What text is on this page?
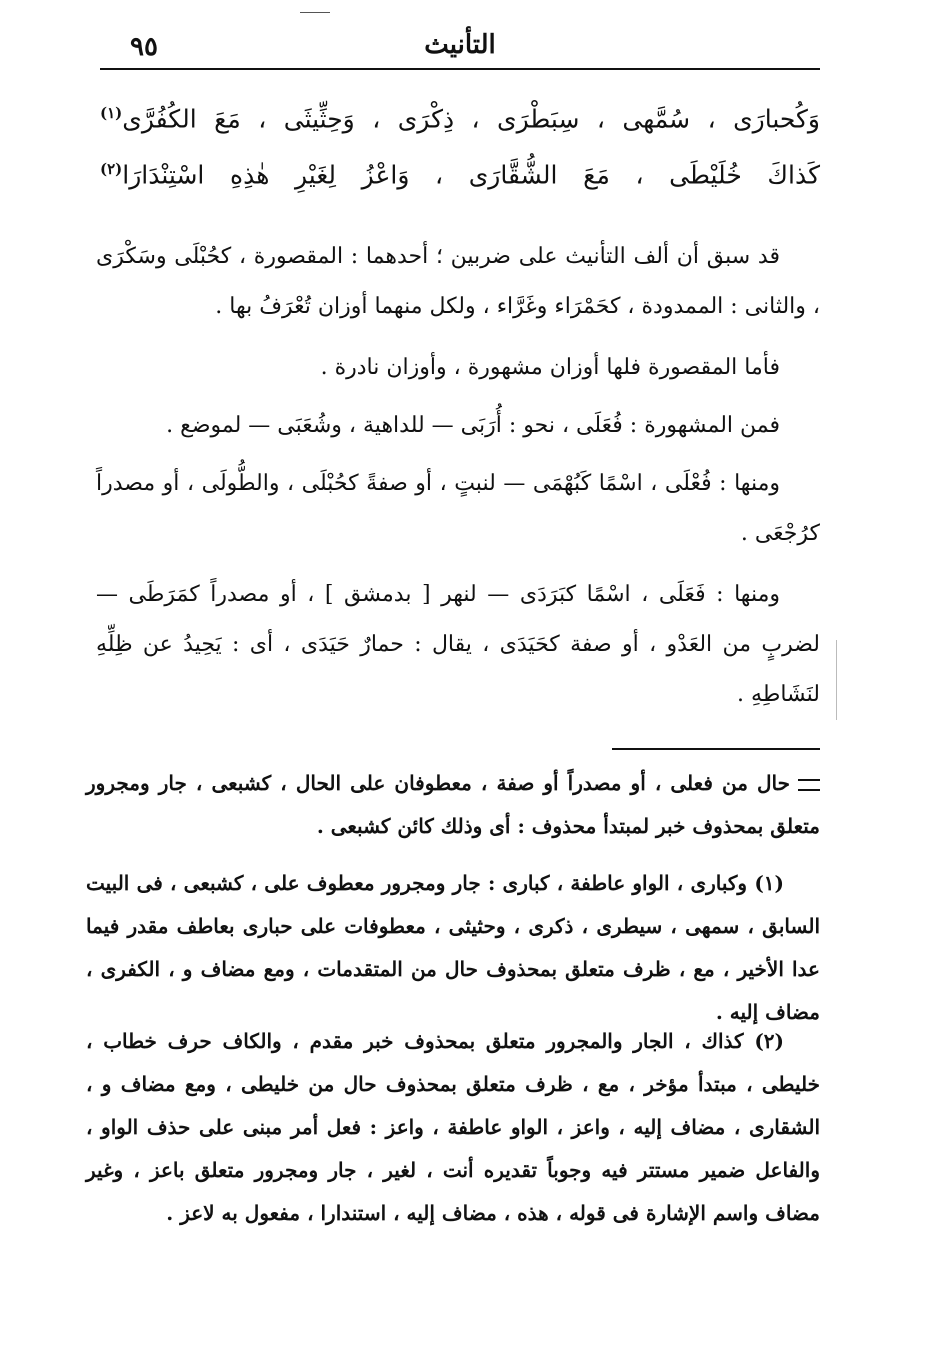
التأنيث
٩٥
وَكُحبارَى ، سُمَّهى ، سِبَطْرَى ، ذِكْرَى ، وَحِثِّيثَى ، مَعَ الكُفُرَّى$^{(١)}$
كَذاكَ خُلَيْطَى ، مَعَ الشُّقَّارَى ، وَاعْزُ لِغَيْرِ هٰذِهِ اسْتِنْدَارَا$^{(٢)}$

قد سبق أن ألف التأنيث على ضربين ؛ أحدهما : المقصورة ، كحُبْلَى وسَكْرَى ، والثانى : الممدودة ، كحَمْرَاء وغَرَّاء ، ولكل منهما أوزان تُعْرَفُ بها .

فأما المقصورة فلها أوزان مشهورة ، وأوزان نادرة .

فمن المشهورة : فُعَلَى ، نحو : أُرَبَى — للداهية ، وشُعَبَى — لموضع .

ومنها : فُعْلَى ، اسْمًا كَبُهْمَى — لنبتٍ ، أو صفةً كحُبْلَى ، والطُّولَى ، أو مصدراً كرُجْعَى .

ومنها : فَعَلَى ، اسْمًا كبَرَدَى — لنهر [ بدمشق ] ، أو مصدراً كمَرَطَى — لضربٍ من العَدْو ، أو صفة كحَيَدَى ، يقال : حمارٌ حَيَدَى ، أى : يَحِيدُ عن ظِلِّهِ لنَشَاطِهِ .

حال من فعلى ، أو مصدراً أو صفة ، معطوفان على الحال ، كشبعى ، جار ومجرور متعلق بمحذوف خبر لمبتدأ محذوف : أى وذلك كائن كشبعى .

(١) وكبارى ، الواو عاطفة ، كبارى : جار ومجرور معطوف على ، كشبعى ، فى البيت السابق ، سمهى ، سيطرى ، ذكرى ، وحثيثى ، معطوفات على حبارى بعاطف مقدر فيما عدا الأخير ، مع ، ظرف متعلق بمحذوف حال من المتقدمات ، ومع مضاف و ، الكفرى ، مضاف إليه .

(٢) كذاك ، الجار والمجرور متعلق بمحذوف خبر مقدم ، والكاف حرف خطاب ، خليطى ، مبتدأ مؤخر ، مع ، ظرف متعلق بمحذوف حال من خليطى ، ومع مضاف و ، الشقارى ، مضاف إليه ، واعز ، الواو عاطفة ، واعز : فعل أمر مبنى على حذف الواو ، والفاعل ضمير مستتر فيه وجوباً تقديره أنت ، لغير ، جار ومجرور متعلق باعز ، وغير مضاف واسم الإشارة فى قوله ، هذه ، مضاف إليه ، استندارا ، مفعول به لاعز .
